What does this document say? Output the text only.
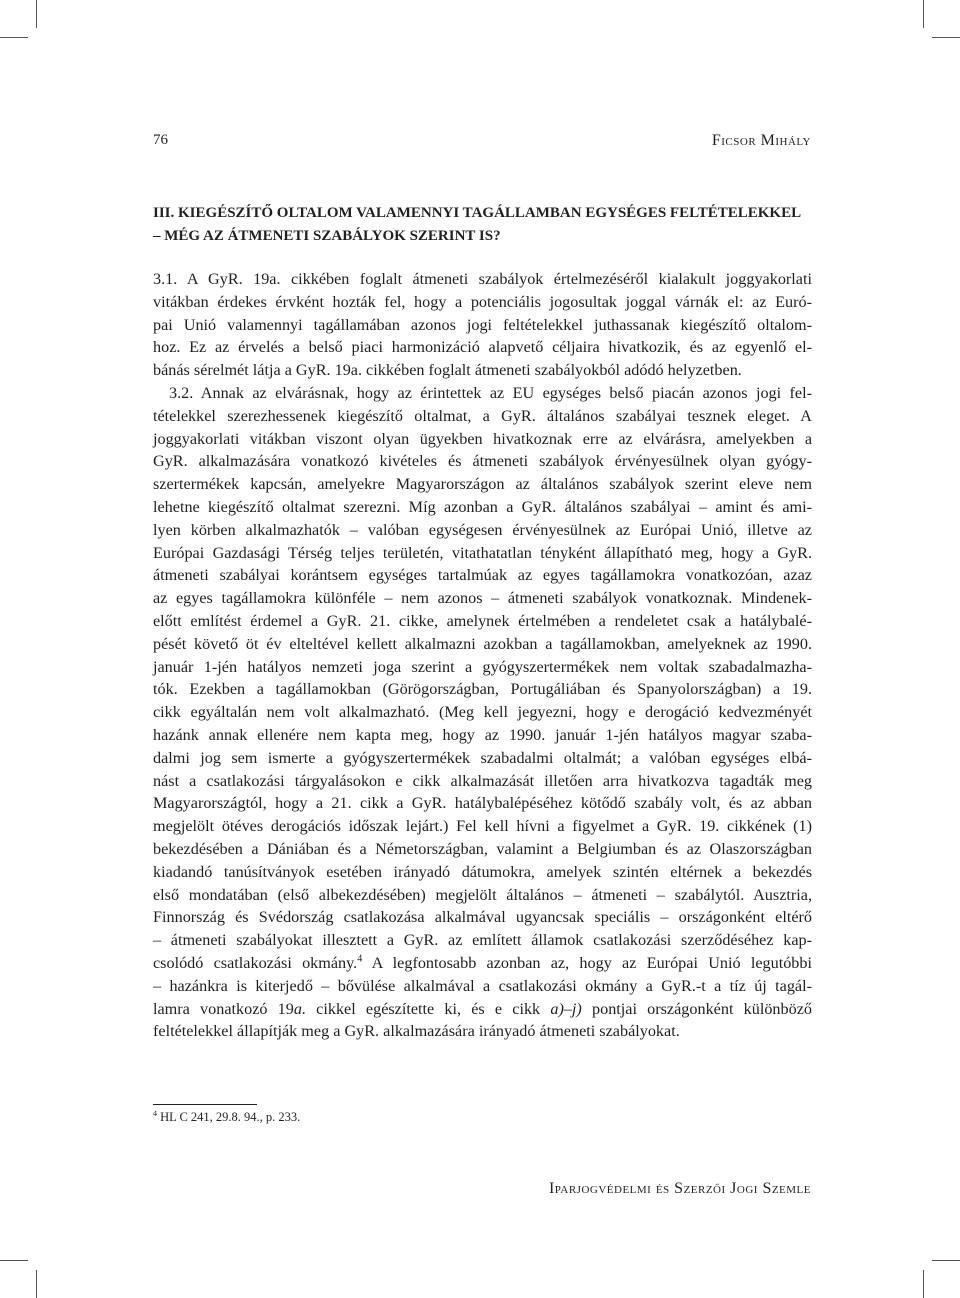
76	Ficsor Mihály
III. KIEGÉSZÍTŐ OLTALOM VALAMENNYI TAGÁLLAMBAN EGYSÉGES FELTÉTELEKKEL
– MÉG AZ ÁTMENETI SZABÁLYOK SZERINT IS?
3.1. A GyR. 19a. cikkében foglalt átmeneti szabályok értelmezéséről kialakult joggyakorlati
vitákban érdekes érvként hozták fel, hogy a potenciális jogosultak joggal várnák el: az Euró-
pai Unió valamennyi tagállamában azonos jogi feltételekkel juthassanak kiegészítő oltalom-
hoz. Ez az érvelés a belső piaci harmonizáció alapvető céljaira hivatkozik, és az egyenlő el-
bánás sérelmét látja a GyR. 19a. cikkében foglalt átmeneti szabályokból adódó helyzetben.
3.2. Annak az elvárásnak, hogy az érintettek az EU egységes belső piacán azonos jogi fel-
tételekkel szerezhessenek kiegészítő oltalmat, a GyR. általános szabályai tesznek eleget. A
joggyakorlati vitákban viszont olyan ügyekben hivatkoznak erre az elvárásra, amelyekben a
GyR. alkalmazására vonatkozó kivételes és átmeneti szabályok érvényesülnek olyan gyógy-
szertermékek kapcsán, amelyekre Magyarországon az általános szabályok szerint eleve nem
lehetne kiegészítő oltalmat szerezni. Míg azonban a GyR. általános szabályai – amint és ami-
lyen körben alkalmazhatók – valóban egységesen érvényesülnek az Európai Unió, illetve az
Európai Gazdasági Térség teljes területén, vitathatatlan tényként állapítható meg, hogy a GyR.
átmeneti szabályai korántsem egységes tartalmúak az egyes tagállamokra vonatkozóan, azaz
az egyes tagállamokra különféle – nem azonos – átmeneti szabályok vonatkoznak. Mindenek-
előtt említést érdemel a GyR. 21. cikke, amelynek értelmében a rendeletet csak a hatálybalé-
pését követő öt év elteltével kellett alkalmazni azokban a tagállamokban, amelyeknek az 1990.
január 1-jén hatályos nemzeti joga szerint a gyógyszertermékek nem voltak szabadalmazha-
tók. Ezekben a tagállamokban (Görögországban, Portugáliában és Spanyolországban) a 19.
cikk egyáltalán nem volt alkalmazható. (Meg kell jegyezni, hogy e derogáció kedvezményét
hazánk annak ellenére nem kapta meg, hogy az 1990. január 1-jén hatályos magyar szaba-
dalmi jog sem ismerte a gyógyszertermékek szabadalmi oltalmát; a valóban egységes elbá-
nást a csatlakozási tárgyalásokon e cikk alkalmazását illetően arra hivatkozva tagadták meg
Magyarországtól, hogy a 21. cikk a GyR. hatálybalépéséhez kötődő szabály volt, és az abban
megjelölt ötéves derogációs időszak lejárt.) Fel kell hívni a figyelmet a GyR. 19. cikkének (1)
bekezdésében a Dániában és a Németországban, valamint a Belgiumban és az Olaszországban
kiadandó tanúsítványok esetében irányadó dátumokra, amelyek szintén eltérnek a bekezdés
első mondatában (első albekezdésében) megjelölt általános – átmeneti – szabálytól. Ausztria,
Finnország és Svédország csatlakozása alkalmával ugyancsak speciális – országonként eltérő
– átmeneti szabályokat illesztett a GyR. az említett államok csatlakozási szerződéséhez kap-
csolódó csatlakozási okmány.$^4$ A legfontosabb azonban az, hogy az Európai Unió legutóbbi
– hazánkra is kiterjedő – bővülése alkalmával a csatlakozási okmány a GyR.-t a tíz új tagál-
lamra vonatkozó 19a. cikkel egészítette ki, és e cikk a)–j) pontjai országonként különböző
feltételekkel állapítják meg a GyR. alkalmazására irányadó átmeneti szabályokat.
$^4$ HL C 241, 29.8. 94., p. 233.
Iparjogvédelmi és Szerzői Jogi Szemle
